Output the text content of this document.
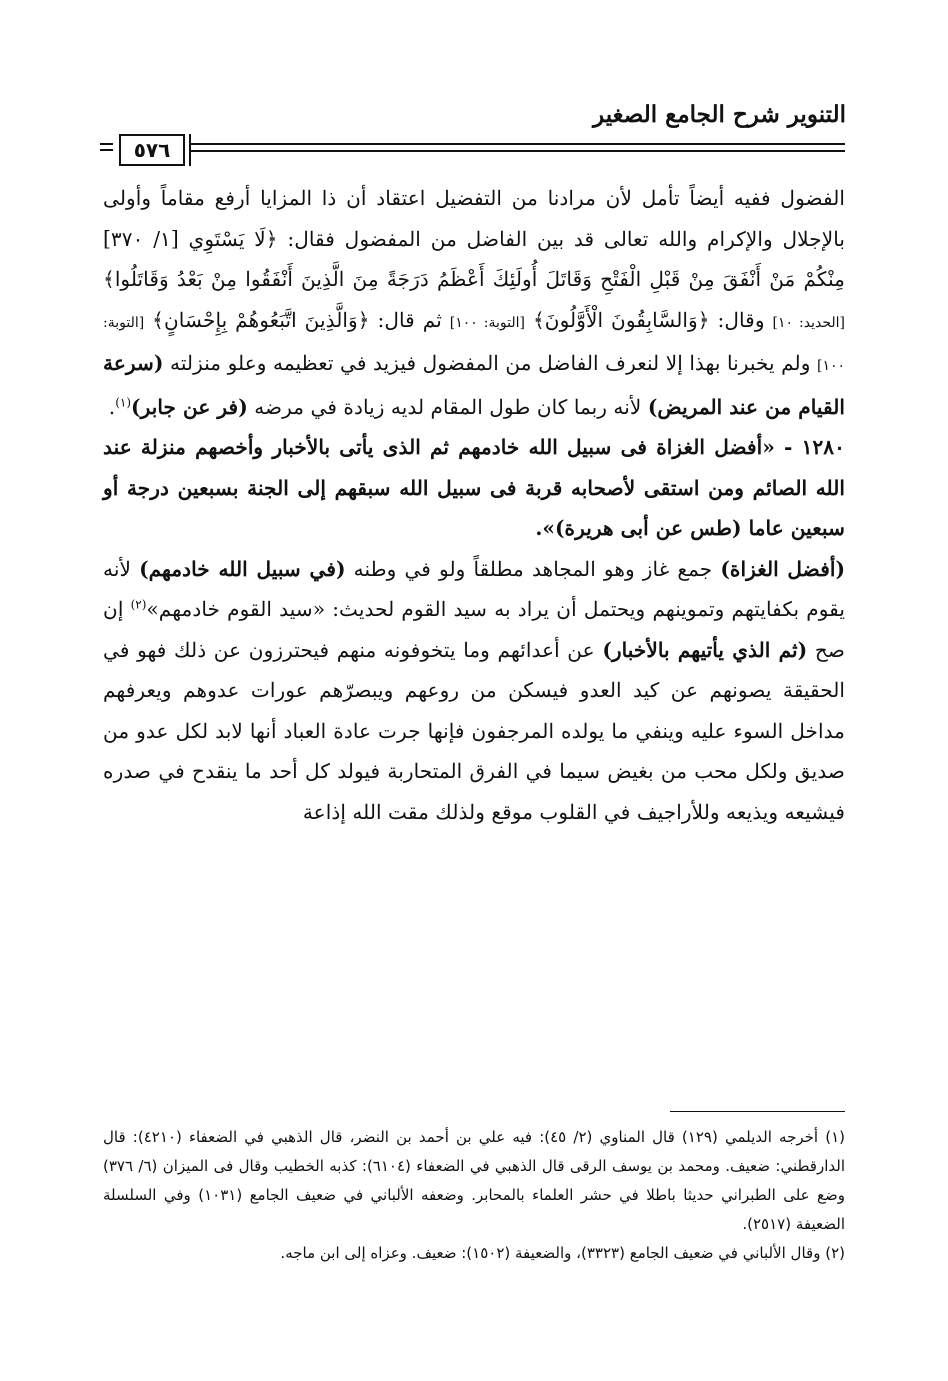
التنوير شرح الجامع الصغير
٥٧٦

الفضول ففيه أيضاً تأمل لأن مرادنا من التفضيل اعتقاد أن ذا المزايا أرفع مقاماً وأولى بالإجلال والإكرام والله تعالى قد بين الفاضل من المفضول فقال: ﴿لَا يَسْتَوِي [١/ ٣٧٠] مِنْكُمْ مَنْ أَنْفَقَ مِنْ قَبْلِ الْفَتْحِ وَقَاتَلَ أُولَئِكَ أَعْظَمُ دَرَجَةً مِنَ الَّذِينَ أَنْفَقُوا مِنْ بَعْدُ وَقَاتَلُوا﴾ [الحديد: ١٠] وقال: ﴿وَالسَّابِقُونَ الْأَوَّلُونَ﴾ [التوبة: ١٠٠] ثم قال: ﴿وَالَّذِينَ اتَّبَعُوهُمْ بِإِحْسَانٍ﴾ [التوبة: ١٠٠] ولم يخبرنا بهذا إلا لنعرف الفاضل من المفضول فيزيد في تعظيمه وعلو منزلته (سرعة القيام من عند المريض) لأنه ربما كان طول المقام لديه زيادة في مرضه (فر عن جابر)$^{(١)}$.

١٢٨٠ - «أفضل الغزاة فى سبيل الله خادمهم ثم الذى يأتى بالأخبار وأخصهم منزلة عند الله الصائم ومن استقى لأصحابه قربة فى سبيل الله سبقهم إلى الجنة بسبعين درجة أو سبعين عاما (طس عن أبى هريرة)».

(أفضل الغزاة) جمع غاز وهو المجاهد مطلقاً ولو في وطنه (في سبيل الله خادمهم) لأنه يقوم بكفايتهم وتموينهم ويحتمل أن يراد به سيد القوم لحديث: «سيد القوم خادمهم»$^{(٢)}$ إن صح (ثم الذي يأتيهم بالأخبار) عن أعدائهم وما يتخوفونه منهم فيحترزون عن ذلك فهو في الحقيقة يصونهم عن كيد العدو فيسكن من روعهم ويبصرّهم عورات عدوهم ويعرفهم مداخل السوء عليه وينفي ما يولده المرجفون فإنها جرت عادة العباد أنها لابد لكل عدو من صديق ولكل محب من بغيض سيما في الفرق المتحاربة فيولد كل أحد ما ينقدح في صدره فيشيعه ويذيعه وللأراجيف في القلوب موقع ولذلك مقت الله إذاعة

(١) أخرجه الديلمي (١٢٩) قال المناوي (٢/ ٤٥): فيه علي بن أحمد بن النضر، قال الذهبي في الضعفاء (٤٢١٠): قال الدارقطني: ضعيف. ومحمد بن يوسف الرقى قال الذهبي في الضعفاء (٦١٠٤): كذبه الخطيب وقال فى الميزان (٦/ ٣٧٦) وضع على الطبراني حديثا باطلا في حشر العلماء بالمحابر. وضعفه الألباني في ضعيف الجامع (١٠٣١) وفي السلسلة الضعيفة (٢٥١٧).

(٢) وقال الألباني في ضعيف الجامع (٣٣٢٣)، والضعيفة (١٥٠٢): ضعيف. وعزاه إلى ابن ماجه.
